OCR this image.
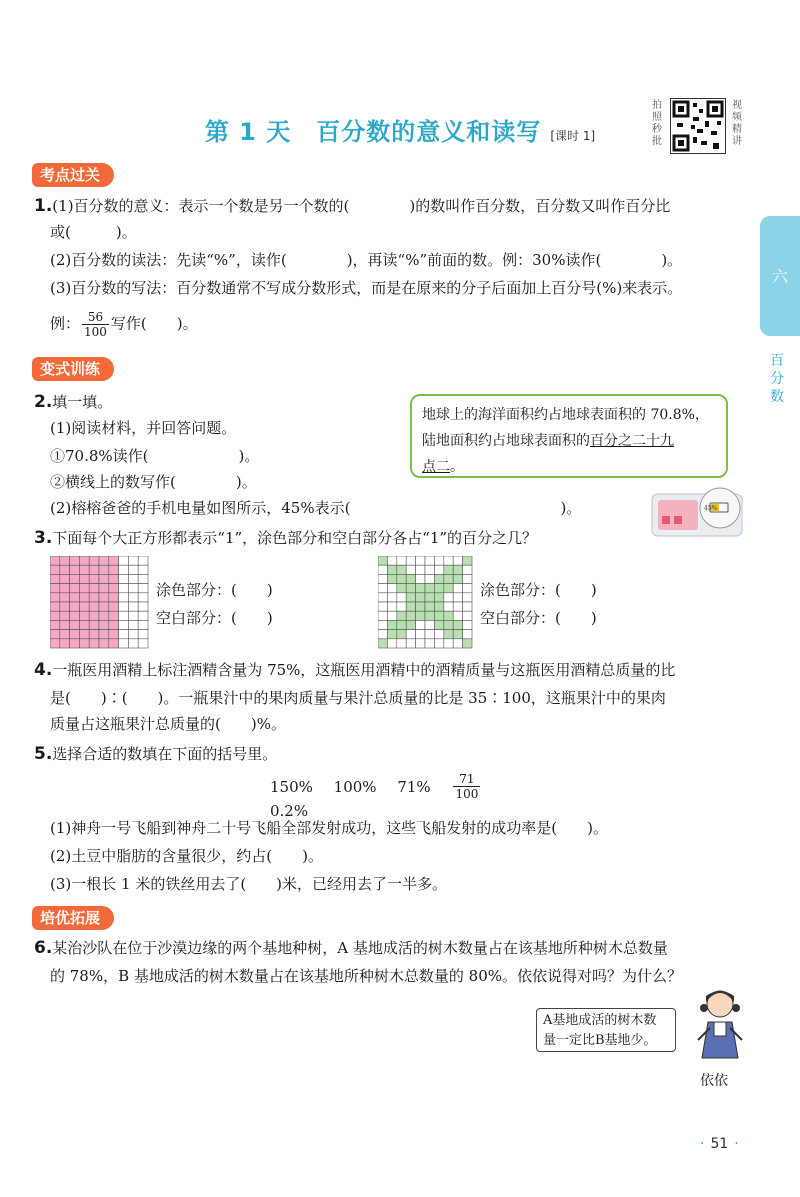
第 1 天　百分数的意义和读写 [课时 1]
拍照秒批
视频精讲
六
百分数
考点过关
1.(1)百分数的意义：表示一个数是另一个数的(　　　　)的数叫作百分数，百分数又叫作百分比
或(　　　)。
(2)百分数的读法：先读“%”，读作(　　　　)，再读“%”前面的数。例：30%读作(　　　　)。
(3)百分数的写法：百分数通常不写成分数形式，而是在原来的分子后面加上百分号(%)来表示。
例： $\frac{56}{100}$ 写作(　　)。
变式训练
2.填一填。
(1)阅读材料，并回答问题。
①70.8%读作(　　　　　　)。
②横线上的数写作(　　　　)。
(2)榕榕爸爸的手机电量如图所示，45%表示(　　　　　　　　　　　　　　)。
地球上的海洋面积约占地球表面积的 70.8%，
陆地面积约占地球表面积的百分之二十九
点二。
45%
3.下面每个大正方形都表示“1”，涂色部分和空白部分各占“1”的百分之几？
涂色部分：(　　)
空白部分：(　　)
涂色部分：(　　)
空白部分：(　　)
4.一瓶医用酒精上标注酒精含量为 75%，这瓶医用酒精中的酒精质量与这瓶医用酒精总质量的比
是(　　)∶(　　)。一瓶果汁中的果肉质量与果汁总质量的比是 35∶100，这瓶果汁中的果肉
质量占这瓶果汁总质量的(　　)%。
5.选择合适的数填在下面的括号里。
150% 100% $71\% \frac{71}{100}$
0.2%
(1)神舟一号飞船到神舟二十号飞船全部发射成功，这些飞船发射的成功率是(　　)。
(2)土豆中脂肪的含量很少，约占(　　)。
(3)一根长 1 米的铁丝用去了(　　)米，已经用去了一半多。
培优拓展
6.某治沙队在位于沙漠边缘的两个基地种树，A 基地成活的树木数量占在该基地所种树木总数量
的 78%，B 基地成活的树木数量占在该基地所种树木总数量的 80%。依依说得对吗？为什么？
A基地成活的树木数
量一定比B基地少。
依依
· 51 ·
